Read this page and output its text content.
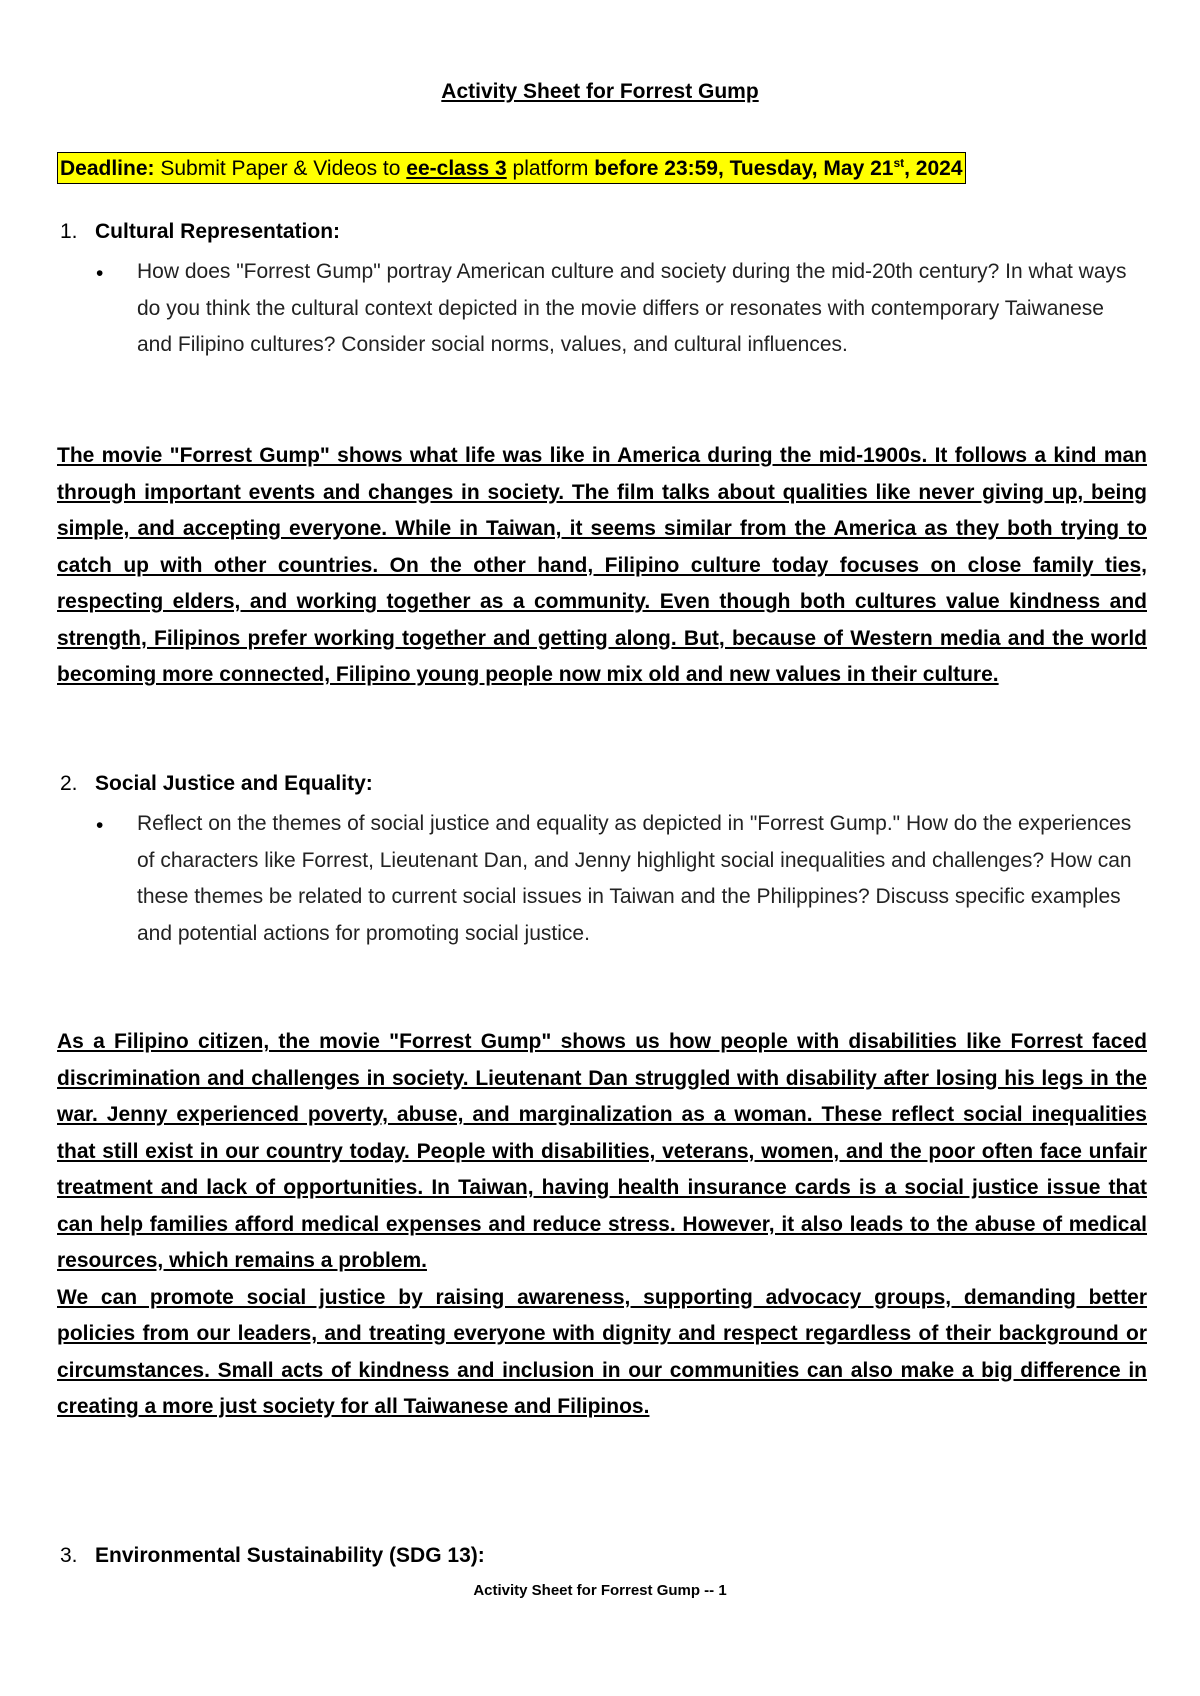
Activity Sheet for Forrest Gump
Deadline: Submit Paper & Videos to ee-class 3 platform before 23:59, Tuesday, May 21st, 2024
1. Cultural Representation:
• How does "Forrest Gump" portray American culture and society during the mid-20th century? In what ways do you think the cultural context depicted in the movie differs or resonates with contemporary Taiwanese and Filipino cultures? Consider social norms, values, and cultural influences.

The movie "Forrest Gump" shows what life was like in America during the mid-1900s. It follows a kind man through important events and changes in society. The film talks about qualities like never giving up, being simple, and accepting everyone. While in Taiwan, it seems similar from the America as they both trying to catch up with other countries. On the other hand, Filipino culture today focuses on close family ties, respecting elders, and working together as a community. Even though both cultures value kindness and strength, Filipinos prefer working together and getting along. But, because of Western media and the world becoming more connected, Filipino young people now mix old and new values in their culture.

2. Social Justice and Equality:
• Reflect on the themes of social justice and equality as depicted in "Forrest Gump." How do the experiences of characters like Forrest, Lieutenant Dan, and Jenny highlight social inequalities and challenges? How can these themes be related to current social issues in Taiwan and the Philippines? Discuss specific examples and potential actions for promoting social justice.

As a Filipino citizen, the movie "Forrest Gump" shows us how people with disabilities like Forrest faced discrimination and challenges in society. Lieutenant Dan struggled with disability after losing his legs in the war. Jenny experienced poverty, abuse, and marginalization as a woman. These reflect social inequalities that still exist in our country today. People with disabilities, veterans, women, and the poor often face unfair treatment and lack of opportunities. In Taiwan, having health insurance cards is a social justice issue that can help families afford medical expenses and reduce stress. However, it also leads to the abuse of medical resources, which remains a problem.

We can promote social justice by raising awareness, supporting advocacy groups, demanding better policies from our leaders, and treating everyone with dignity and respect regardless of their background or circumstances. Small acts of kindness and inclusion in our communities can also make a big difference in creating a more just society for all Taiwanese and Filipinos.

3. Environmental Sustainability (SDG 13):
Activity Sheet for Forrest Gump -- 1
